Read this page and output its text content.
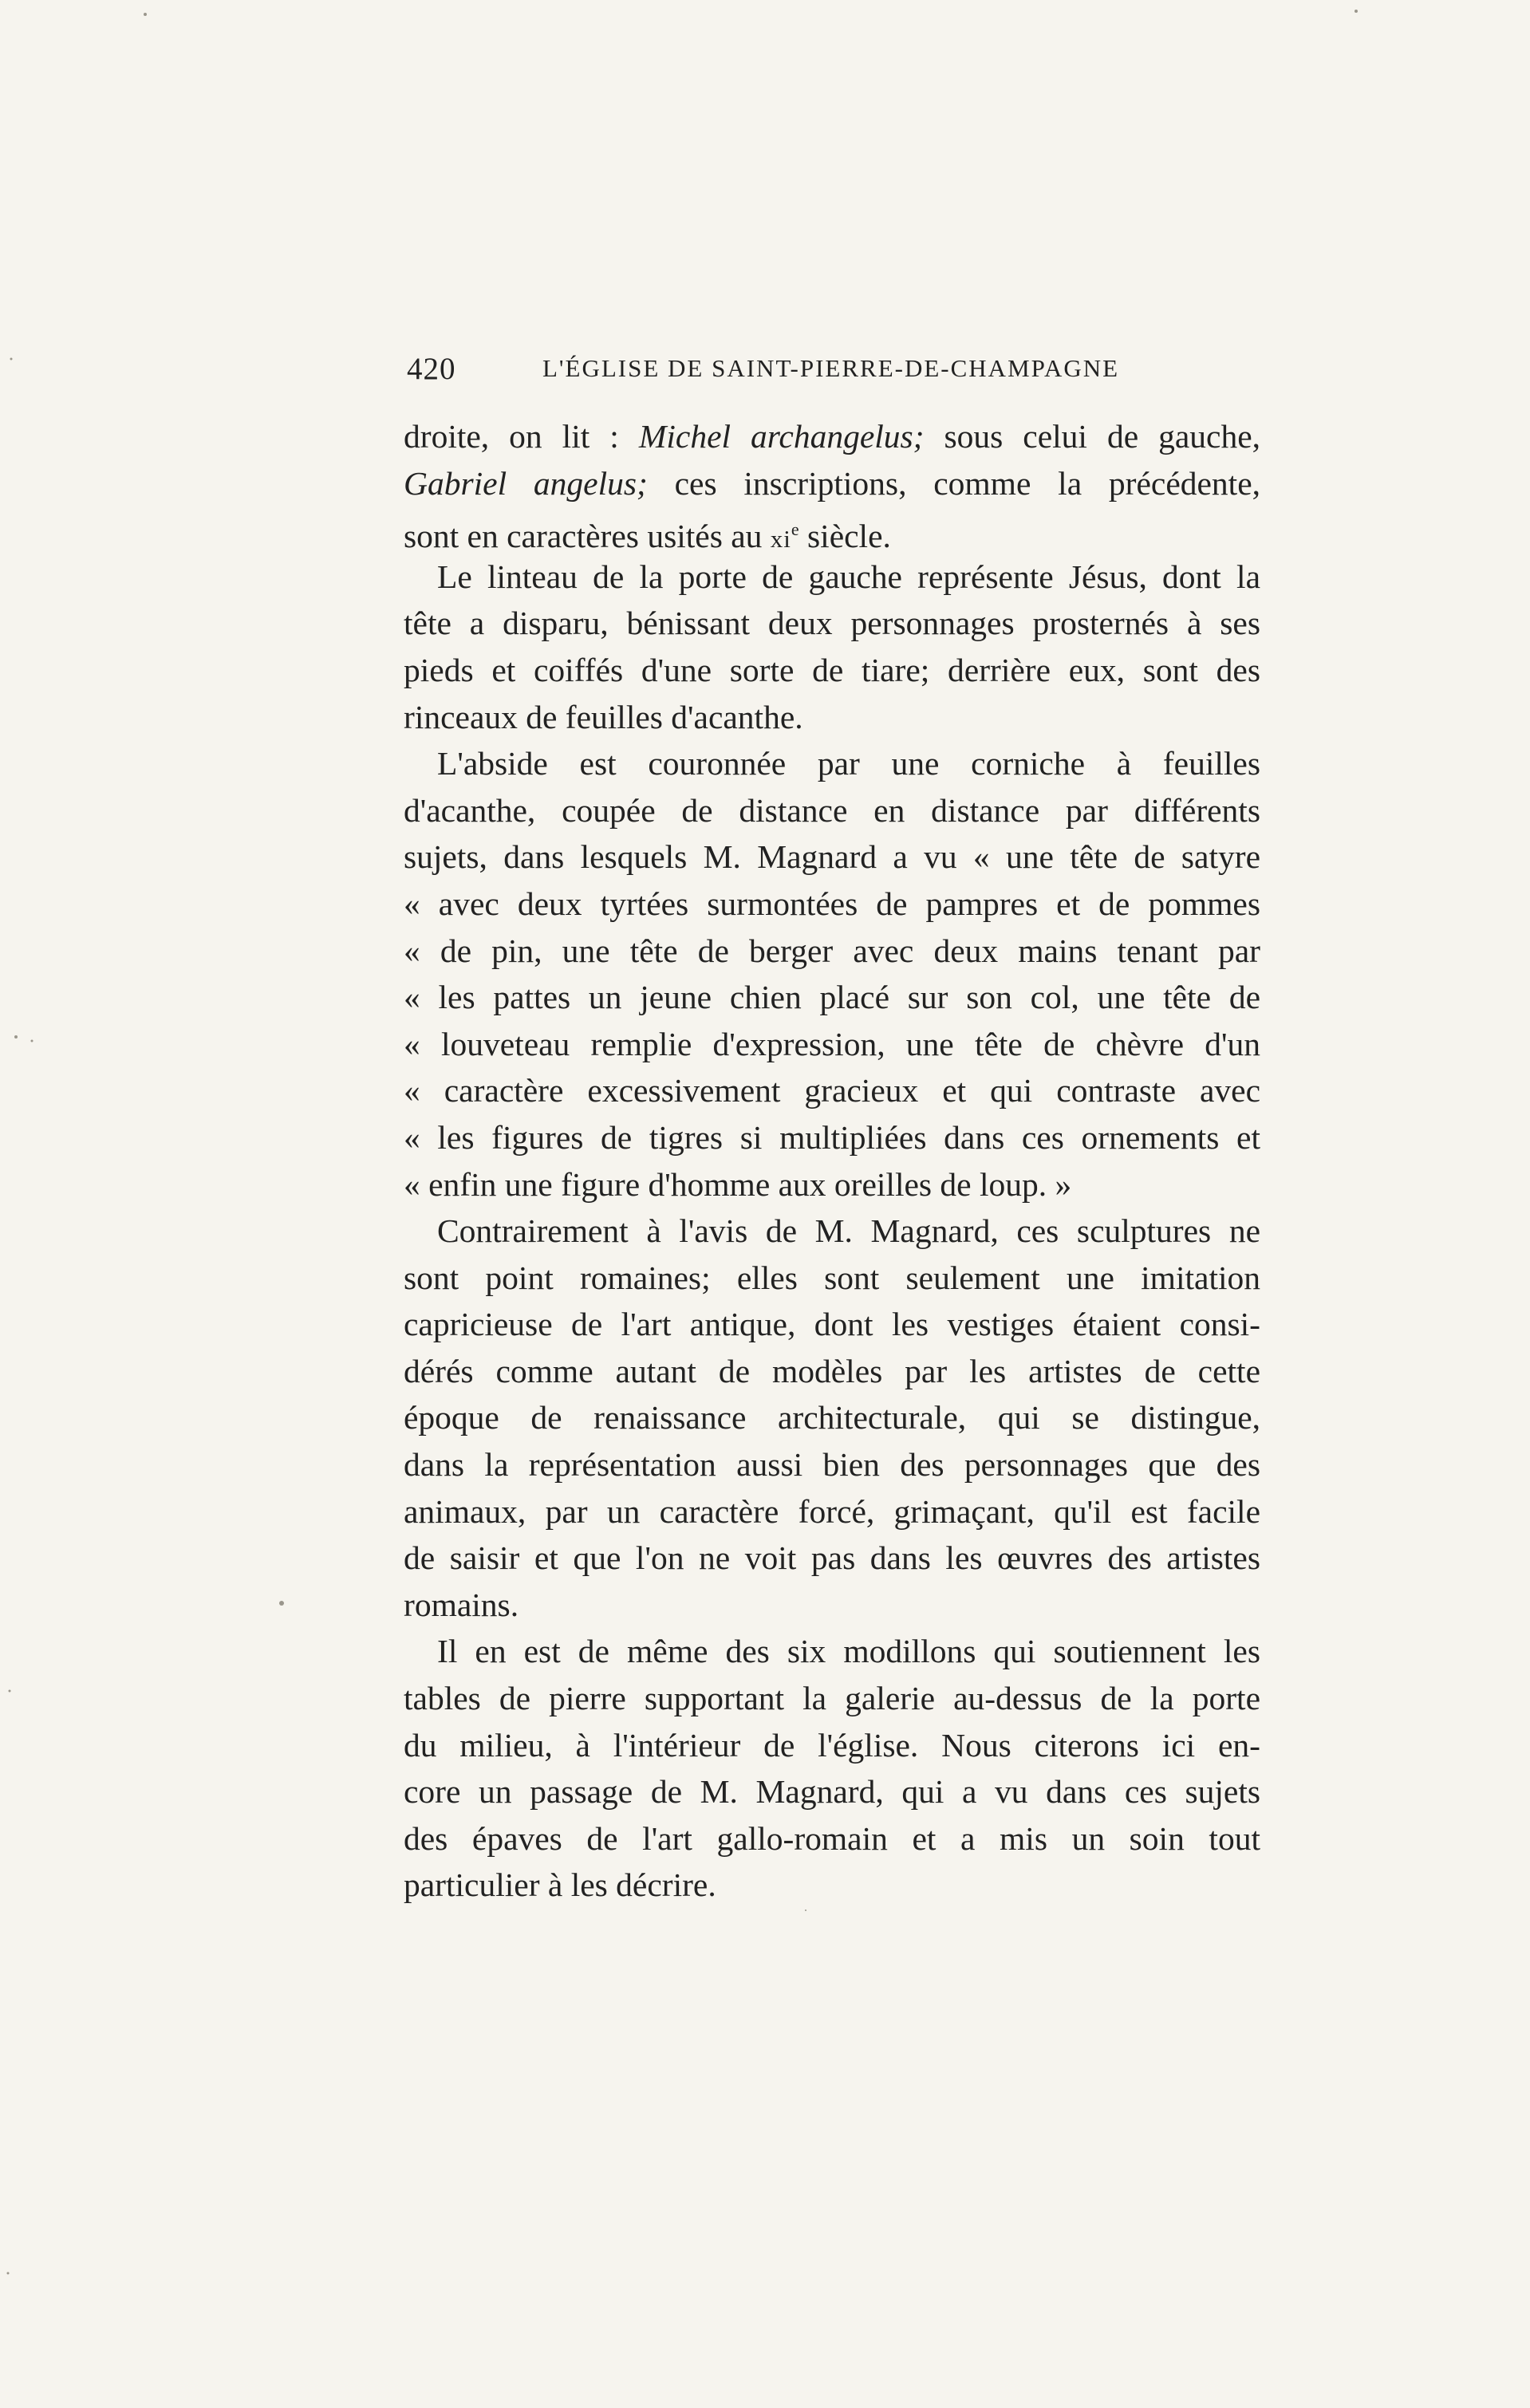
420	L'ÉGLISE DE SAINT-PIERRE-DE-CHAMPAGNE

droite, on lit : Michel archangelus; sous celui de gauche,
Gabriel angelus; ces inscriptions, comme la précédente,
sont en caractères usités au $xi^e$ siècle.

Le linteau de la porte de gauche représente Jésus, dont la
tête a disparu, bénissant deux personnages prosternés à ses
pieds et coiffés d'une sorte de tiare; derrière eux, sont des
rinceaux de feuilles d'acanthe.

L'abside est couronnée par une corniche à feuilles
d'acanthe, coupée de distance en distance par différents
sujets, dans lesquels M. Magnard a vu « une tête de satyre
« avec deux tyrtées surmontées de pampres et de pommes
« de pin, une tête de berger avec deux mains tenant par
« les pattes un jeune chien placé sur son col, une tête de
« louveteau remplie d'expression, une tête de chèvre d'un
« caractère excessivement gracieux et qui contraste avec
« les figures de tigres si multipliées dans ces ornements et
« enfin une figure d'homme aux oreilles de loup. »

Contrairement à l'avis de M. Magnard, ces sculptures ne
sont point romaines; elles sont seulement une imitation
capricieuse de l'art antique, dont les vestiges étaient consi-
dérés comme autant de modèles par les artistes de cette
époque de renaissance architecturale, qui se distingue,
dans la représentation aussi bien des personnages que des
animaux, par un caractère forcé, grimaçant, qu'il est facile
de saisir et que l'on ne voit pas dans les œuvres des artistes
romains.

Il en est de même des six modillons qui soutiennent les
tables de pierre supportant la galerie au-dessus de la porte
du milieu, à l'intérieur de l'église. Nous citerons ici en-
core un passage de M. Magnard, qui a vu dans ces sujets
des épaves de l'art gallo-romain et a mis un soin tout
particulier à les décrire.
